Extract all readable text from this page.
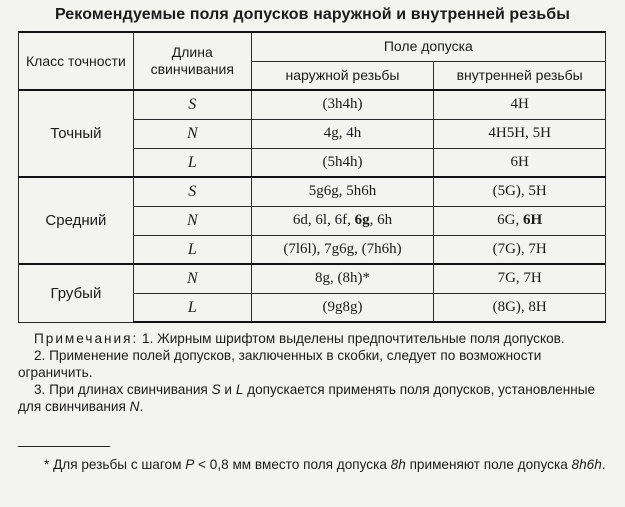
Рекомендуемые поля допусков наружной и внутренней резьбы
Класс точности	Длина свинчивания	Поле допуска	
		наружной резьбы	внутренней резьбы
Точный	S	(3h4h)	4H
	N	4g, 4h	4H5H, 5H
	L	(5h4h)	6H
Средний	S	5g6g, 5h6h	(5G), 5H
	N	6d, 6l, 6f, 6g, 6h	6G, 6H
	L	(7l6l), 7g6g, (7h6h)	(7G), 7H
Грубый	N	8g, (8h)*	7G, 7H
	L	(9g8g)	(8G), 8H

Примечания: 1. Жирным шрифтом выделены предпочтительные поля допусков.

2. Применение полей допусков, заключенных в скобки, следует по возможности ограничить.

3. При длинах свинчивания S и L допускается применять поля допусков, установленные для свинчивания N.

* Для резьбы с шагом P < 0,8 мм вместо поля допуска 8h применяют поле допуска 8h6h.
